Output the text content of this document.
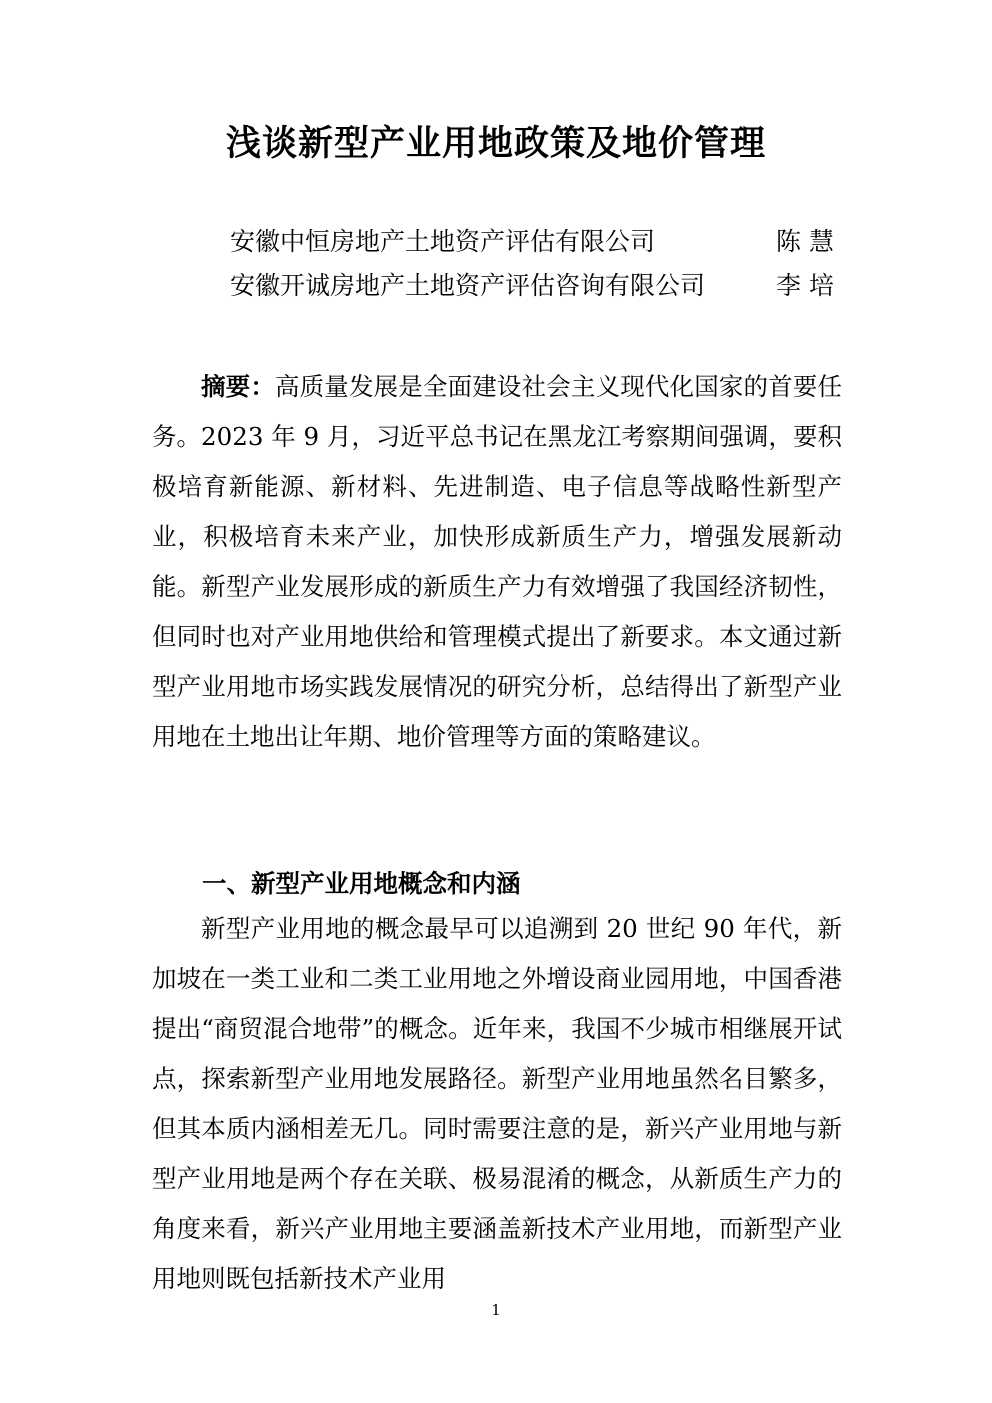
浅谈新型产业用地政策及地价管理
安徽中恒房地产土地资产评估有限公司	陈慧
安徽开诚房地产土地资产评估咨询有限公司	李培
摘要：高质量发展是全面建设社会主义现代化国家的首要任务。2023 年 9 月，习近平总书记在黑龙江考察期间强调，要积极培育新能源、新材料、先进制造、电子信息等战略性新型产业，积极培育未来产业，加快形成新质生产力，增强发展新动能。新型产业发展形成的新质生产力有效增强了我国经济韧性，但同时也对产业用地供给和管理模式提出了新要求。本文通过新型产业用地市场实践发展情况的研究分析，总结得出了新型产业用地在土地出让年期、地价管理等方面的策略建议。
一、新型产业用地概念和内涵
新型产业用地的概念最早可以追溯到 20 世纪 90 年代，新加坡在一类工业和二类工业用地之外增设商业园用地，中国香港提出“商贸混合地带”的概念。近年来，我国不少城市相继展开试点，探索新型产业用地发展路径。新型产业用地虽然名目繁多，但其本质内涵相差无几。同时需要注意的是，新兴产业用地与新型产业用地是两个存在关联、极易混淆的概念，从新质生产力的角度来看，新兴产业用地主要涵盖新技术产业用地，而新型产业用地则既包括新技术产业用
1
